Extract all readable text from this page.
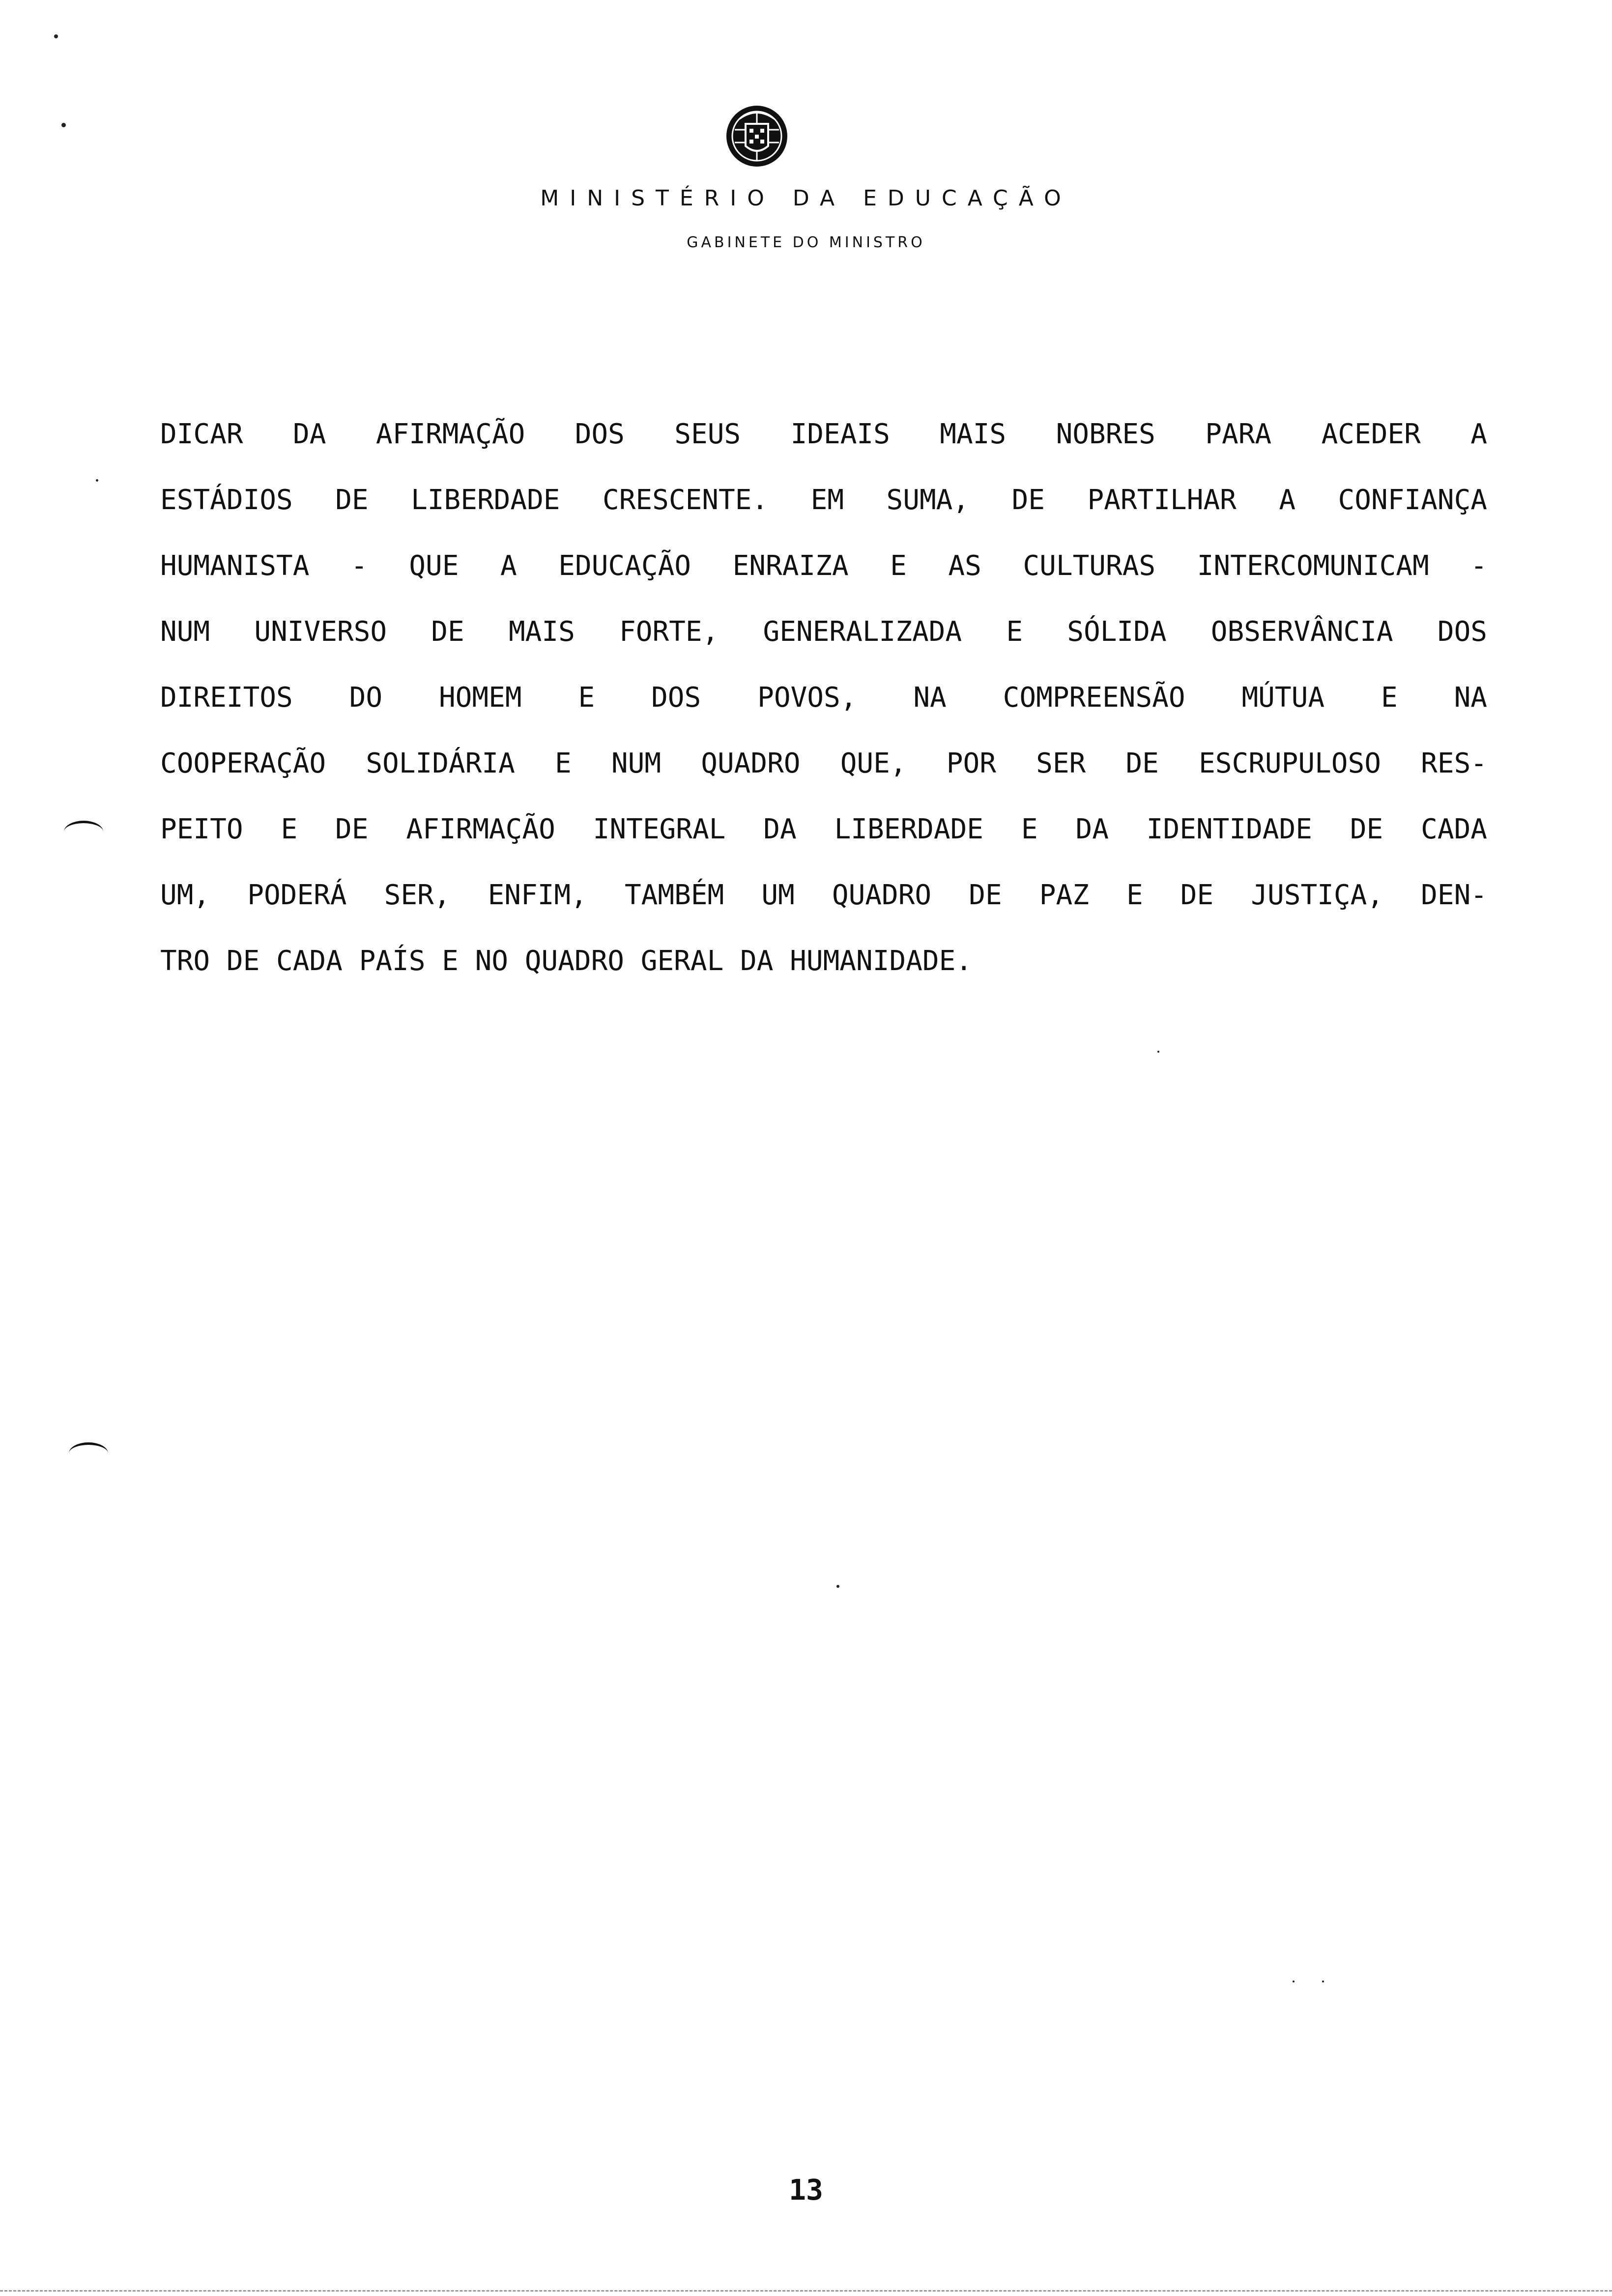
MINISTÉRIO DA EDUCAÇÃO
GABINETE DO MINISTRO
DICAR DA AFIRMAÇÃO DOS SEUS IDEAIS MAIS NOBRES PARA ACEDER A
ESTÁDIOS DE LIBERDADE CRESCENTE. EM SUMA, DE PARTILHAR A CONFIANÇA
HUMANISTA - QUE A EDUCAÇÃO ENRAIZA E AS CULTURAS INTERCOMUNICAM -
NUM UNIVERSO DE MAIS FORTE, GENERALIZADA E SÓLIDA OBSERVÂNCIA DOS
DIREITOS DO HOMEM E DOS POVOS, NA COMPREENSÃO MÚTUA E NA
COOPERAÇÃO SOLIDÁRIA E NUM QUADRO QUE, POR SER DE ESCRUPULOSO RES-
PEITO E DE AFIRMAÇÃO INTEGRAL DA LIBERDADE E DA IDENTIDADE DE CADA
UM, PODERÁ SER, ENFIM, TAMBÉM UM QUADRO DE PAZ E DE JUSTIÇA, DEN-
TRO DE CADA PAÍS E NO QUADRO GERAL DA HUMANIDADE.
13
